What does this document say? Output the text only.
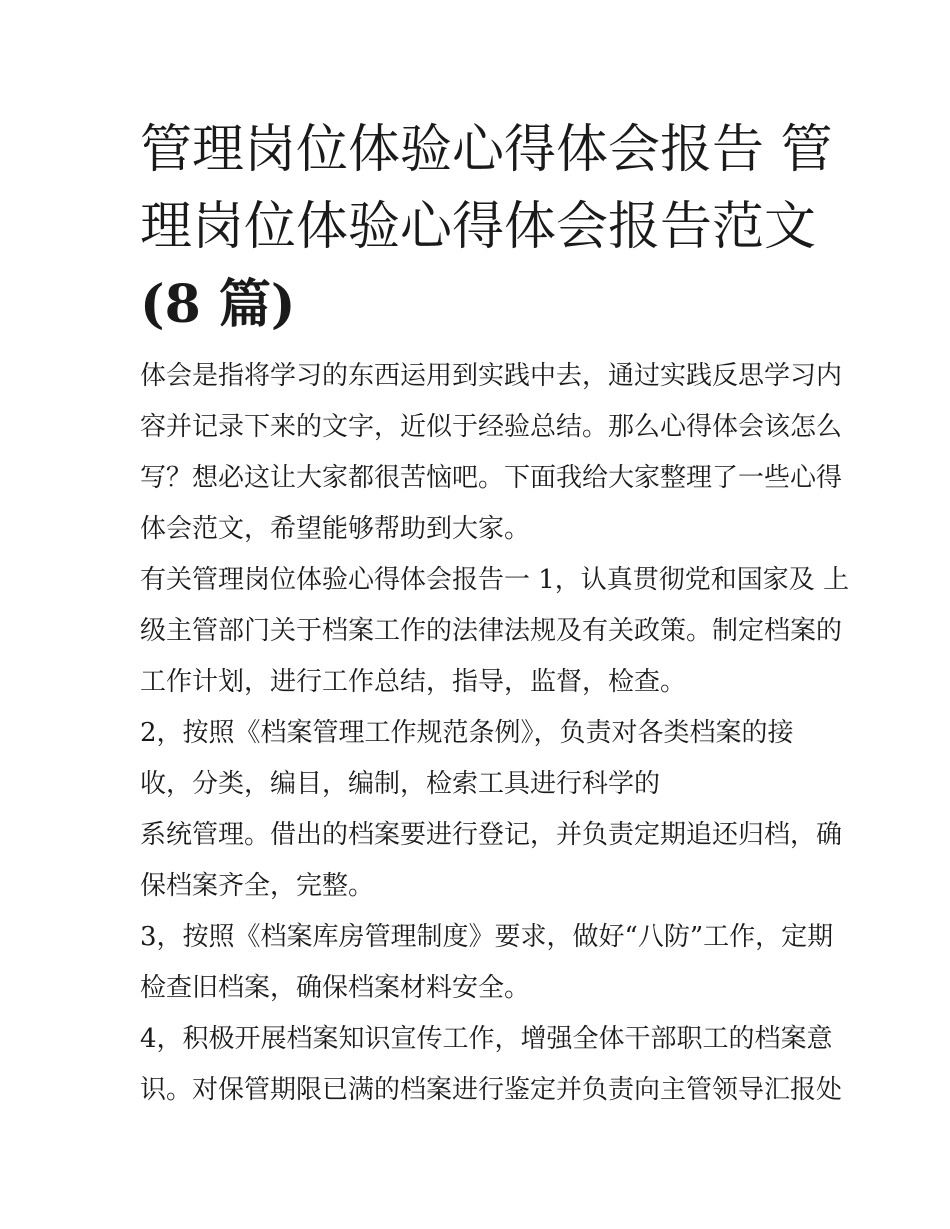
管理岗位体验心得体会报告 管
理岗位体验心得体会报告范文
(8 篇)
体会是指将学习的东西运用到实践中去，通过实践反思学习内
容并记录下来的文字，近似于经验总结。那么心得体会该怎么
写？想必这让大家都很苦恼吧。下面我给大家整理了一些心得
体会范文，希望能够帮助到大家。
有关管理岗位体验心得体会报告一 1，认真贯彻党和国家及 上
级主管部门关于档案工作的法律法规及有关政策。制定档案的
工作计划，进行工作总结，指导，监督，检查。
2，按照《档案管理工作规范条例》，负责对各类档案的接
收，分类，编目，编制，检索工具进行科学的
系统管理。借出的档案要进行登记，并负责定期追还归档，确
保档案齐全，完整。
3，按照《档案库房管理制度》要求，做好“八防”工作，定期
检查旧档案，确保档案材料安全。
4，积极开展档案知识宣传工作，增强全体干部职工的档案意
识。对保管期限已满的档案进行鉴定并负责向主管领导汇报处
